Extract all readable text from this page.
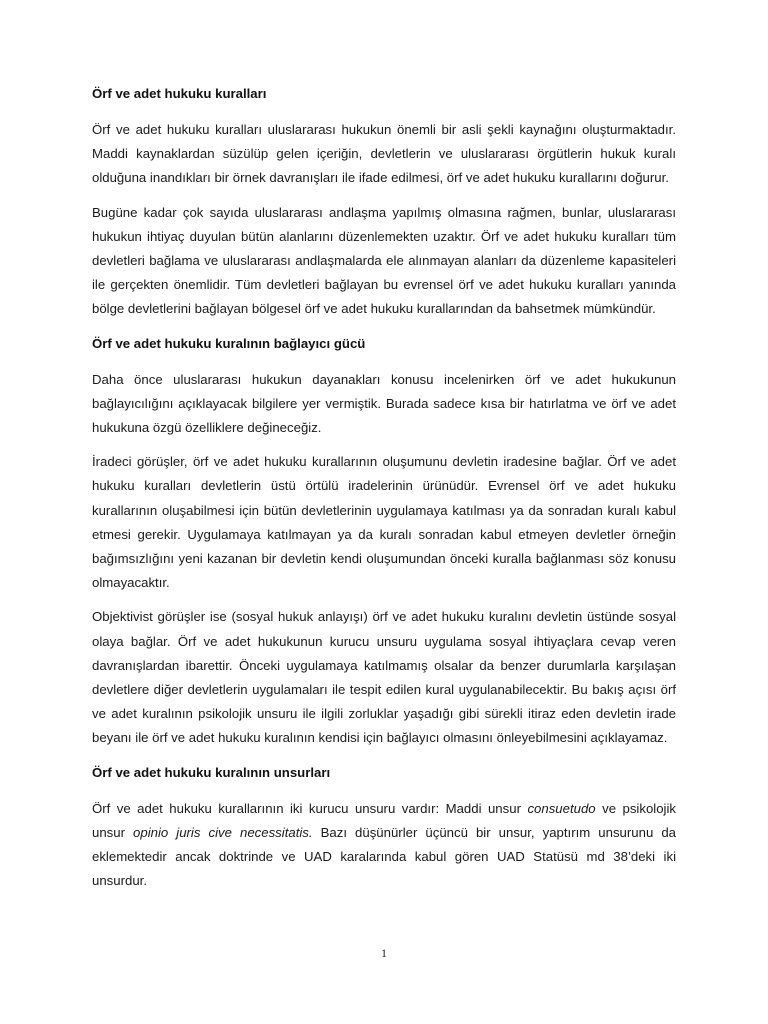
Örf ve adet hukuku kuralları

Örf ve adet hukuku kuralları uluslararası hukukun önemli bir asli şekli kaynağını oluşturmaktadır. Maddi kaynaklardan süzülüp gelen içeriğin, devletlerin ve uluslararası örgütlerin hukuk kuralı olduğuna inandıkları bir örnek davranışları ile ifade edilmesi, örf ve adet hukuku kurallarını doğurur.

Bugüne kadar çok sayıda uluslararası andlaşma yapılmış olmasına rağmen, bunlar, uluslararası hukukun ihtiyaç duyulan bütün alanlarını düzenlemekten uzaktır. Örf ve adet hukuku kuralları tüm devletleri bağlama ve uluslararası andlaşmalarda ele alınmayan alanları da düzenleme kapasiteleri ile gerçekten önemlidir. Tüm devletleri bağlayan bu evrensel örf ve adet hukuku kuralları yanında bölge devletlerini bağlayan bölgesel örf ve adet hukuku kurallarından da bahsetmek mümkündür.

Örf ve adet hukuku kuralının bağlayıcı gücü

Daha önce uluslararası hukukun dayanakları konusu incelenirken örf ve adet hukukunun bağlayıcılığını açıklayacak bilgilere yer vermiştik. Burada sadece kısa bir hatırlatma ve örf ve adet hukukuna özgü özelliklere değineceğiz.

İradeci görüşler, örf ve adet hukuku kurallarının oluşumunu devletin iradesine bağlar. Örf ve adet hukuku kuralları devletlerin üstü örtülü iradelerinin ürünüdür. Evrensel örf ve adet hukuku kurallarının oluşabilmesi için bütün devletlerinin uygulamaya katılması ya da sonradan kuralı kabul etmesi gerekir. Uygulamaya katılmayan ya da kuralı sonradan kabul etmeyen devletler örneğin bağımsızlığını yeni kazanan bir devletin kendi oluşumundan önceki kuralla bağlanması söz konusu olmayacaktır.

Objektivist görüşler ise (sosyal hukuk anlayışı) örf ve adet hukuku kuralını devletin üstünde sosyal olaya bağlar. Örf ve adet hukukunun kurucu unsuru uygulama sosyal ihtiyaçlara cevap veren davranışlardan ibarettir. Önceki uygulamaya katılmamış olsalar da benzer durumlarla karşılaşan devletlere diğer devletlerin uygulamaları ile tespit edilen kural uygulanabilecektir. Bu bakış açısı örf ve adet kuralının psikolojik unsuru ile ilgili zorluklar yaşadığı gibi sürekli itiraz eden devletin irade beyanı ile örf ve adet hukuku kuralının kendisi için bağlayıcı olmasını önleyebilmesini açıklayamaz.

Örf ve adet hukuku kuralının unsurları

Örf ve adet hukuku kurallarının iki kurucu unsuru vardır: Maddi unsur consuetudo ve psikolojik unsur opinio juris cive necessitatis. Bazı düşünürler üçüncü bir unsur, yaptırım unsurunu da eklemektedir ancak doktrinde ve UAD karalarında kabul gören UAD Statüsü md 38’deki iki unsurdur.

1
